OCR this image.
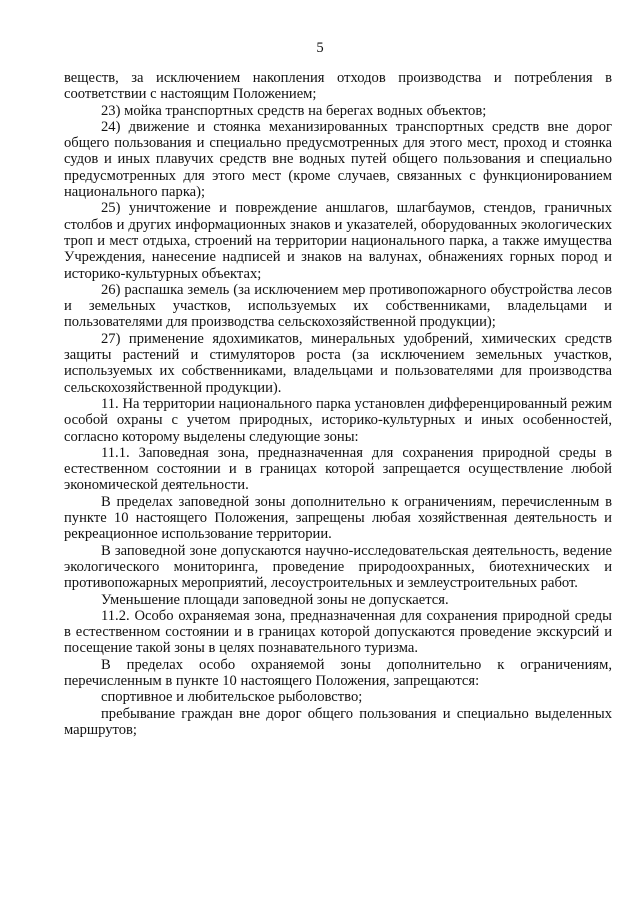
5

веществ, за исключением накопления отходов производства и потребления в соответствии с настоящим Положением;

23) мойка транспортных средств на берегах водных объектов;

24) движение и стоянка механизированных транспортных средств вне дорог общего пользования и специально предусмотренных для этого мест, проход и стоянка судов и иных плавучих средств вне водных путей общего пользования и специально предусмотренных для этого мест (кроме случаев, связанных с функционированием национального парка);

25) уничтожение и повреждение аншлагов, шлагбаумов, стендов, граничных столбов и других информационных знаков и указателей, оборудованных экологических троп и мест отдыха, строений на территории национального парка, а также имущества Учреждения, нанесение надписей и знаков на валунах, обнажениях горных пород и историко-культурных объектах;

26) распашка земель (за исключением мер противопожарного обустройства лесов и земельных участков, используемых их собственниками, владельцами и пользователями для производства сельскохозяйственной продукции);

27) применение ядохимикатов, минеральных удобрений, химических средств защиты растений и стимуляторов роста (за исключением земельных участков, используемых их собственниками, владельцами и пользователями для производства сельскохозяйственной продукции).

11. На территории национального парка установлен дифференцированный режим особой охраны с учетом природных, историко-культурных и иных особенностей, согласно которому выделены следующие зоны:

11.1. Заповедная зона, предназначенная для сохранения природной среды в естественном состоянии и в границах которой запрещается осуществление любой экономической деятельности.

В пределах заповедной зоны дополнительно к ограничениям, перечисленным в пункте 10 настоящего Положения, запрещены любая хозяйственная деятельность и рекреационное использование территории.

В заповедной зоне допускаются научно-исследовательская деятельность, ведение экологического мониторинга, проведение природоохранных, биотехнических и противопожарных мероприятий, лесоустроительных и землеустроительных работ.

Уменьшение площади заповедной зоны не допускается.

11.2. Особо охраняемая зона, предназначенная для сохранения природной среды в естественном состоянии и в границах которой допускаются проведение экскурсий и посещение такой зоны в целях познавательного туризма.

В пределах особо охраняемой зоны дополнительно к ограничениям, перечисленным в пункте 10 настоящего Положения, запрещаются:

спортивное и любительское рыболовство;

пребывание граждан вне дорог общего пользования и специально выделенных маршрутов;
